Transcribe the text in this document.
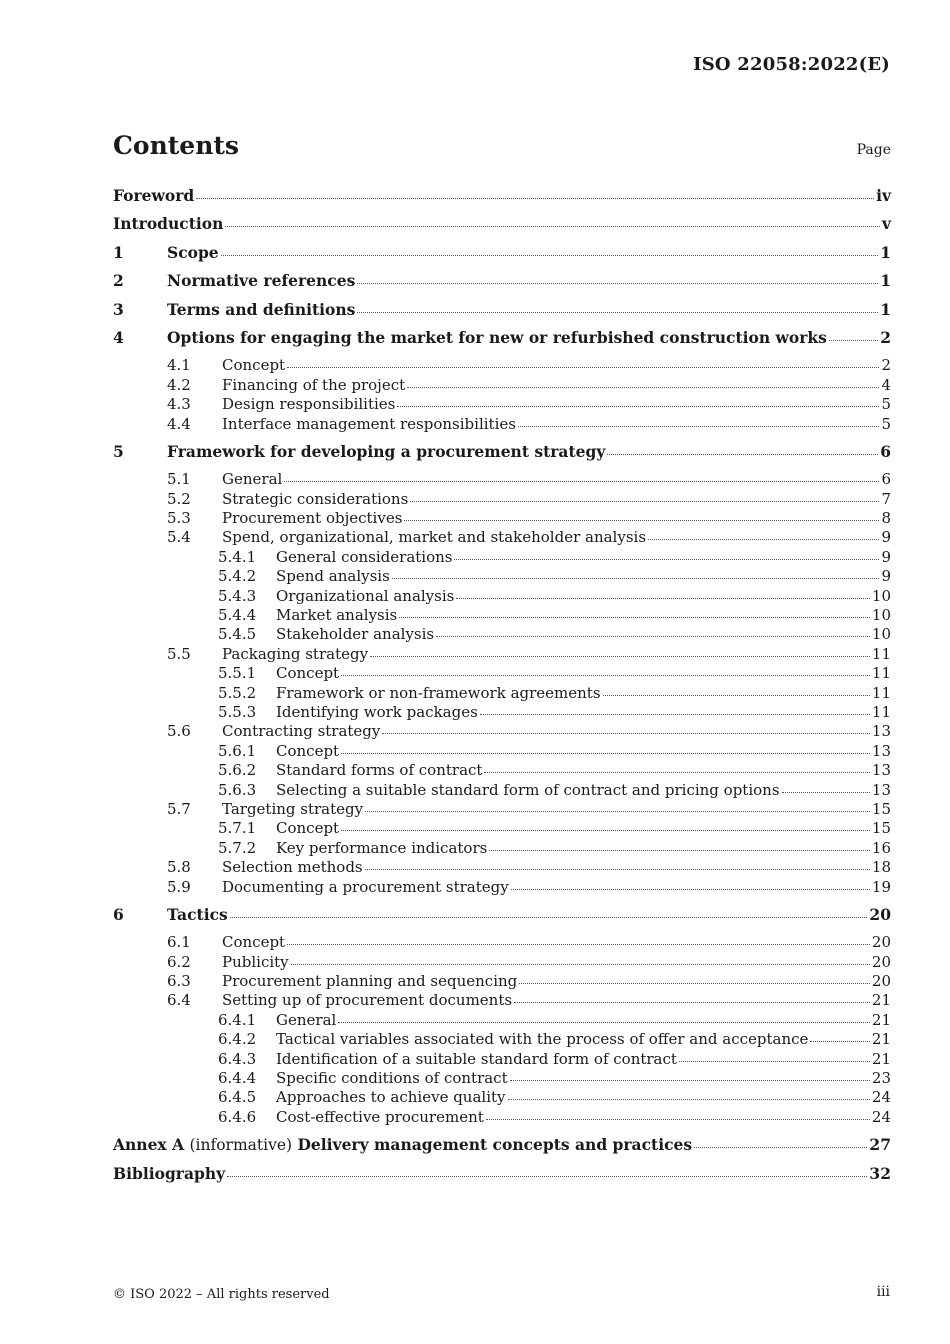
ISO 22058:2022(E)
Contents	Page
Foreword	iv
Introduction	v
1	Scope	1
2	Normative references	1
3	Terms and definitions	1
4	Options for engaging the market for new or refurbished construction works	2
4.1	Concept	2
4.2	Financing of the project	4
4.3	Design responsibilities	5
4.4	Interface management responsibilities	5
5	Framework for developing a procurement strategy	6
5.1	General	6
5.2	Strategic considerations	7
5.3	Procurement objectives	8
5.4	Spend, organizational, market and stakeholder analysis	9
5.4.1	General considerations	9
5.4.2	Spend analysis	9
5.4.3	Organizational analysis	10
5.4.4	Market analysis	10
5.4.5	Stakeholder analysis	10
5.5	Packaging strategy	11
5.5.1	Concept	11
5.5.2	Framework or non-framework agreements	11
5.5.3	Identifying work packages	11
5.6	Contracting strategy	13
5.6.1	Concept	13
5.6.2	Standard forms of contract	13
5.6.3	Selecting a suitable standard form of contract and pricing options	13
5.7	Targeting strategy	15
5.7.1	Concept	15
5.7.2	Key performance indicators	16
5.8	Selection methods	18
5.9	Documenting a procurement strategy	19
6	Tactics	20
6.1	Concept	20
6.2	Publicity	20
6.3	Procurement planning and sequencing	20
6.4	Setting up of procurement documents	21
6.4.1	General	21
6.4.2	Tactical variables associated with the process of offer and acceptance	21
6.4.3	Identification of a suitable standard form of contract	21
6.4.4	Specific conditions of contract	23
6.4.5	Approaches to achieve quality	24
6.4.6	Cost-effective procurement	24
Annex A (informative) Delivery management concepts and practices	27
Bibliography	32
© ISO 2022 – All rights reserved	iii
